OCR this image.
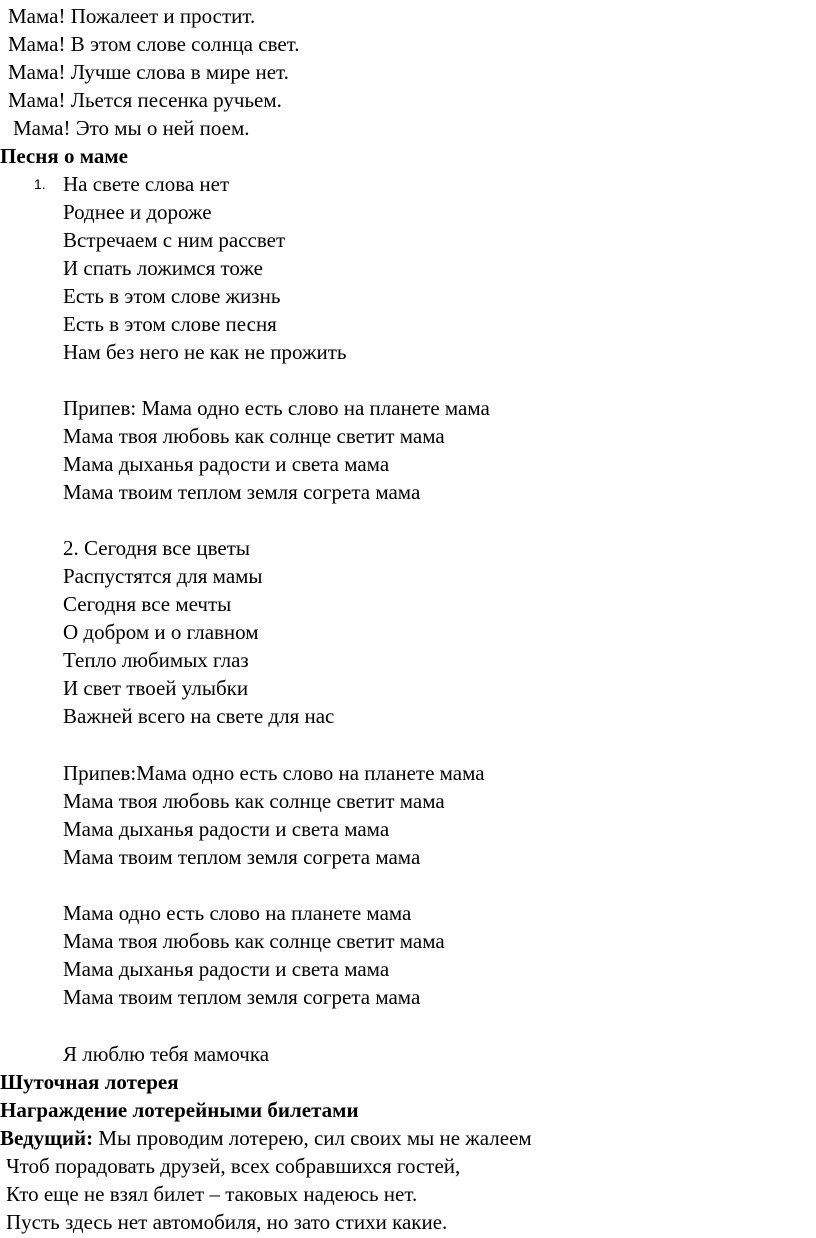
Мама! Пожалеет и простит.
Мама! В этом слове солнца свет.
Мама! Лучше слова в мире нет.
Мама! Льется песенка ручьем.
Мама! Это мы о ней поем.
Песня о маме
1. На свете слова нет
Роднее и дороже
Встречаем с ним рассвет
И спать ложимся тоже
Есть в этом слове жизнь
Есть в этом слове песня
Нам без него не как не прожить
Припев: Мама одно есть слово на планете мама
Мама твоя любовь как солнце светит мама
Мама дыханья радости и света мама
Мама твоим теплом земля согрета мама
2. Сегодня все цветы
Распустятся для мамы
Сегодня все мечты
О добром и о главном
Тепло любимых глаз
И свет твоей улыбки
Важней всего на свете для нас
Припев:Мама одно есть слово на планете мама
Мама твоя любовь как солнце светит мама
Мама дыханья радости и света мама
Мама твоим теплом земля согрета мама
Мама одно есть слово на планете мама
Мама твоя любовь как солнце светит мама
Мама дыханья радости и света мама
Мама твоим теплом земля согрета мама
Я люблю тебя мамочка
Шуточная лотерея
Награждение лотерейными билетами
Ведущий: Мы проводим лотерею, сил своих мы не жалеем
Чтоб порадовать друзей, всех собравшихся гостей,
Кто еще не взял билет – таковых надеюсь нет.
Пусть здесь нет автомобиля, но зато стихи какие.
